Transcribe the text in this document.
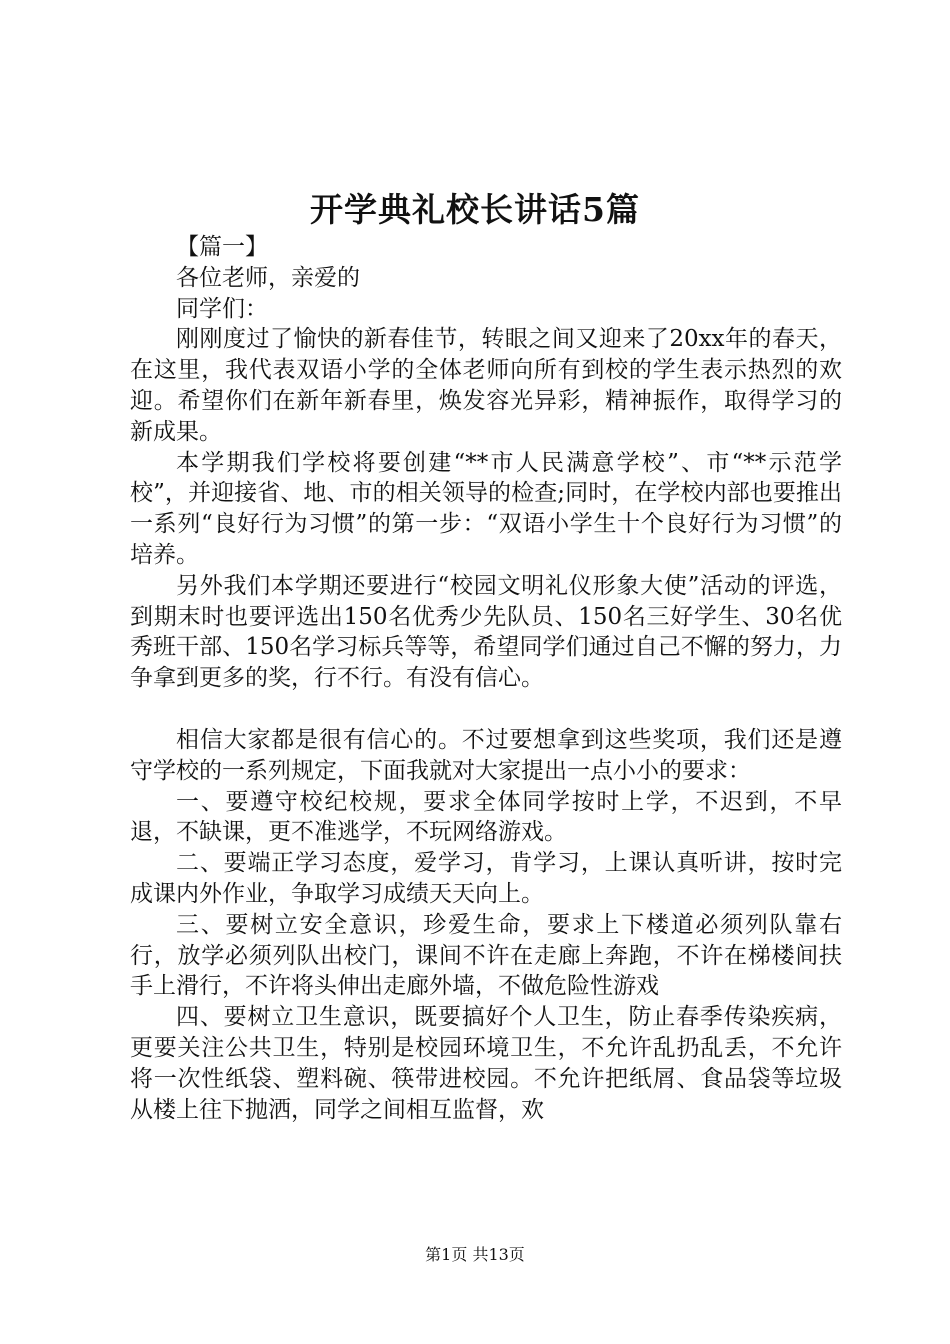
开学典礼校长讲话5篇

【篇一】

各位老师，亲爱的

同学们：

刚刚度过了愉快的新春佳节，转眼之间又迎来了20xx年的春天，在这里，我代表双语小学的全体老师向所有到校的学生表示热烈的欢迎。希望你们在新年新春里，焕发容光异彩，精神振作，取得学习的新成果。

本学期我们学校将要创建“**市人民满意学校”、市“**示范学校”，并迎接省、地、市的相关领导的检查;同时，在学校内部也要推出一系列“良好行为习惯”的第一步：“双语小学生十个良好行为习惯”的培养。

另外我们本学期还要进行“校园文明礼仪形象大使”活动的评选，到期末时也要评选出150名优秀少先队员、150名三好学生、30名优秀班干部、150名学习标兵等等，希望同学们通过自己不懈的努力，力争拿到更多的奖，行不行。有没有信心。

相信大家都是很有信心的。不过要想拿到这些奖项，我们还是遵守学校的一系列规定，下面我就对大家提出一点小小的要求：

一、要遵守校纪校规，要求全体同学按时上学，不迟到，不早退，不缺课，更不准逃学，不玩网络游戏。

二、要端正学习态度，爱学习，肯学习，上课认真听讲，按时完成课内外作业，争取学习成绩天天向上。

三、要树立安全意识，珍爱生命，要求上下楼道必须列队靠右行，放学必须列队出校门，课间不许在走廊上奔跑，不许在梯楼间扶手上滑行，不许将头伸出走廊外墙，不做危险性游戏

四、要树立卫生意识，既要搞好个人卫生，防止春季传染疾病，更要关注公共卫生，特别是校园环境卫生，不允许乱扔乱丢，不允许将一次性纸袋、塑料碗、筷带进校园。不允许把纸屑、食品袋等垃圾从楼上往下抛洒，同学之间相互监督，欢

第1页 共13页
